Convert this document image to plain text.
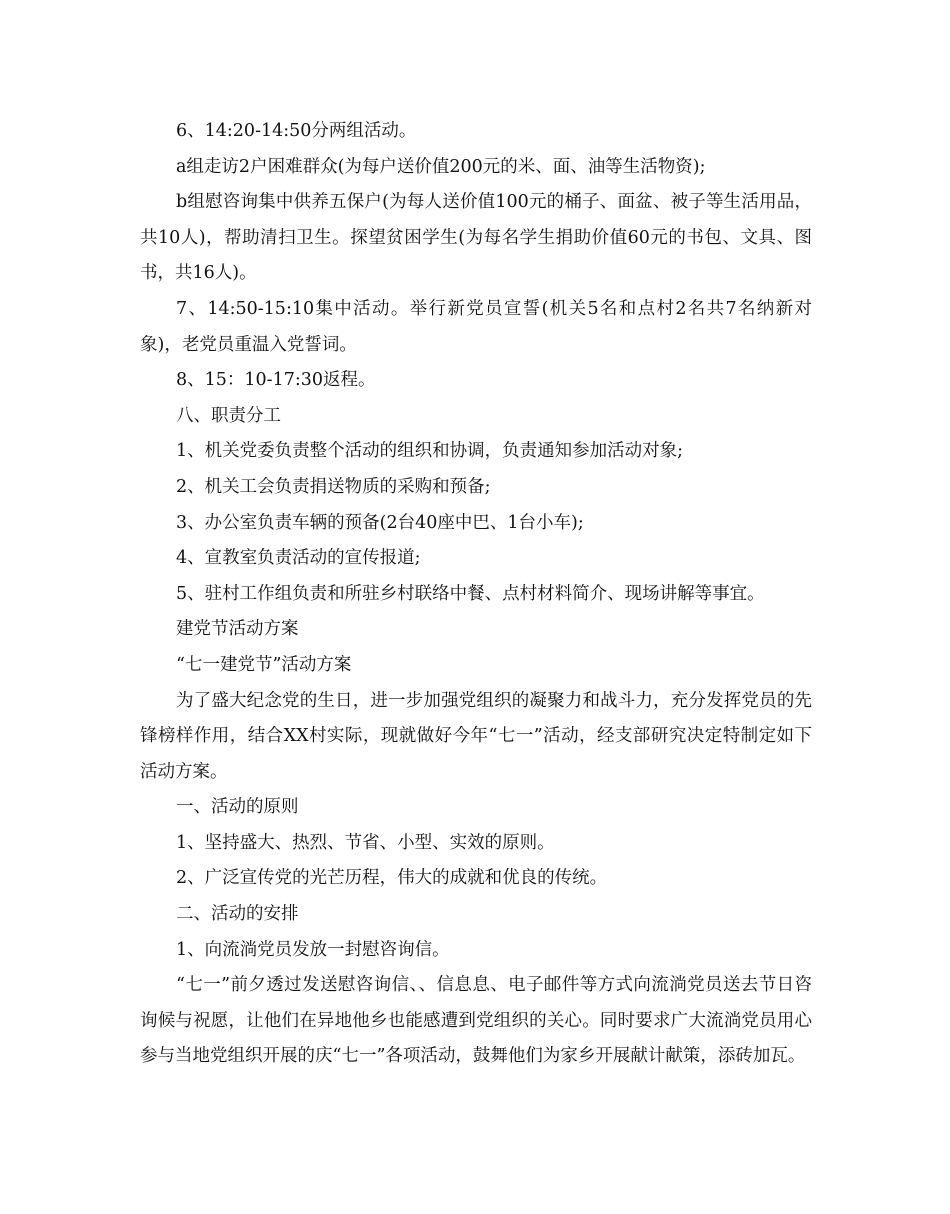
6、14:20-14:50分两组活动。

a组走访2户困难群众(为每户送价值200元的米、面、油等生活物资);

b组慰咨询集中供养五保户(为每人送价值100元的桶子、面盆、被子等生活用品，共10人)，帮助清扫卫生。探望贫困学生(为每名学生捐助价值60元的书包、文具、图书，共16人)。

7、14:50-15:10集中活动。举行新党员宣誓(机关5名和点村2名共7名纳新对象)，老党员重温入党誓词。

8、15：10-17:30返程。

八、职责分工

1、机关党委负责整个活动的组织和协调，负责通知参加活动对象;

2、机关工会负责捐送物质的采购和预备;

3、办公室负责车辆的预备(2台40座中巴、1台小车);

4、宣教室负责活动的宣传报道;

5、驻村工作组负责和所驻乡村联络中餐、点村材料简介、现场讲解等事宜。

建党节活动方案

“七一建党节”活动方案

为了盛大纪念党的生日，进一步加强党组织的凝聚力和战斗力，充分发挥党员的先锋榜样作用，结合XX村实际，现就做好今年“七一”活动，经支部研究决定特制定如下活动方案。

一、活动的原则

1、坚持盛大、热烈、节省、小型、实效的原则。

2、广泛宣传党的光芒历程，伟大的成就和优良的传统。

二、活动的安排

1、向流淌党员发放一封慰咨询信。

“七一”前夕透过发送慰咨询信、、信息息、电子邮件等方式向流淌党员送去节日咨询候与祝愿，让他们在异地他乡也能感遭到党组织的关心。同时要求广大流淌党员用心参与当地党组织开展的庆“七一”各项活动，鼓舞他们为家乡开展献计献策，添砖加瓦。
